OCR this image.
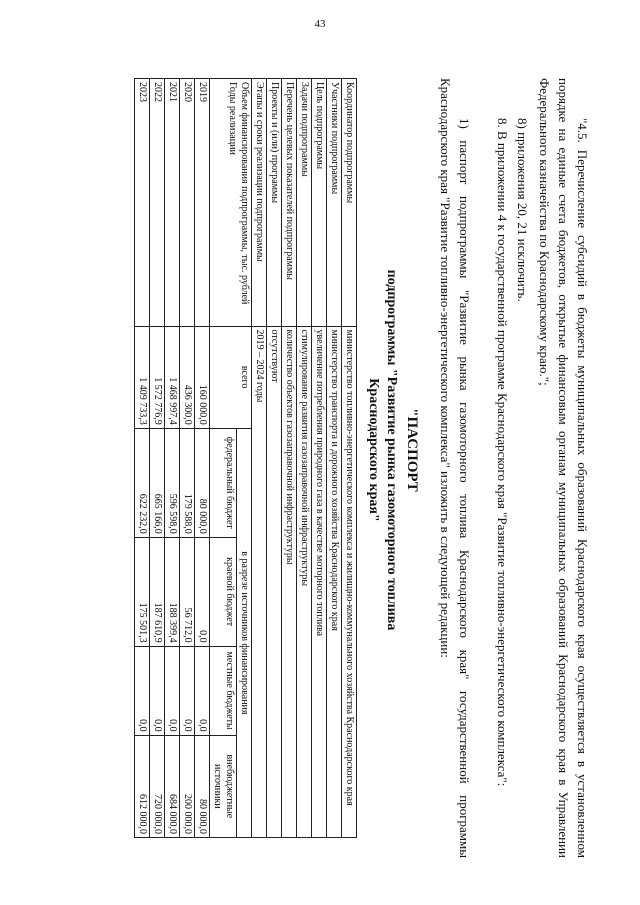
43

"4.5. Перечисление субсидий в бюджеты муниципальных образований Краснодарского края осуществляется в установленном порядке на единые счета бюджетов, открытые финансовым органам муниципальных образований Краснодарского края в Управлении Федерального казначейства по Краснодарскому краю.";

8) приложения 20, 21 исключить.

8. В приложении 4 к государственной программе Краснодарского края "Развитие топливно-энергетического комплекса":

1) паспорт подпрограммы "Развитие рынка газомоторного топлива Краснодарского края" государственной программы Краснодарского края "Развитие топливно-энергетического комплекса" изложить в следующей редакции:

"ПАСПОРТ
подпрограммы "Развитие рынка газомоторного топлива
Краснодарского края"
Координатор подпрограммы	министерство топливно-энергетического комплекса и жилищно-коммунального хозяйства Краснодарского края				
Участники подпрограммы	министерство транспорта и дорожного хозяйства Краснодарского края				
Цель подпрограммы	увеличение потребления природного газа в качестве моторного топлива				
Задачи подпрограммы	стимулирование развития газозаправочной инфраструктуры				
Перечень целевых показателей подпрограммы	количество объектов газозаправочной инфраструктуры				
Проекты и (или) программы	отсутствуют				
Этапы и сроки реализации подпрограммы	2019 – 2024 годы				

Объем финансирования подпрограммы, тыс. рублей
Годы реализации	всего	в разрезе источников финансирования			
		федеральный бюджет	краевой бюджет	местные бюджеты	внебюджетные источники
2019	160 000,0	80 000,0	0,0	0,0	80 000,0
2020	436 300,0	179 588,0	56 712,0	0,0	200 000,0
2021	1 468 997,4	596 598,0	188 399,4	0,0	684 000,0
2022	1 572 776,9	665 166,0	187 610,9	0,0	720 000,0
2023	1 409 733,3	622 232,0	175 501,3	0,0	612 000,0
